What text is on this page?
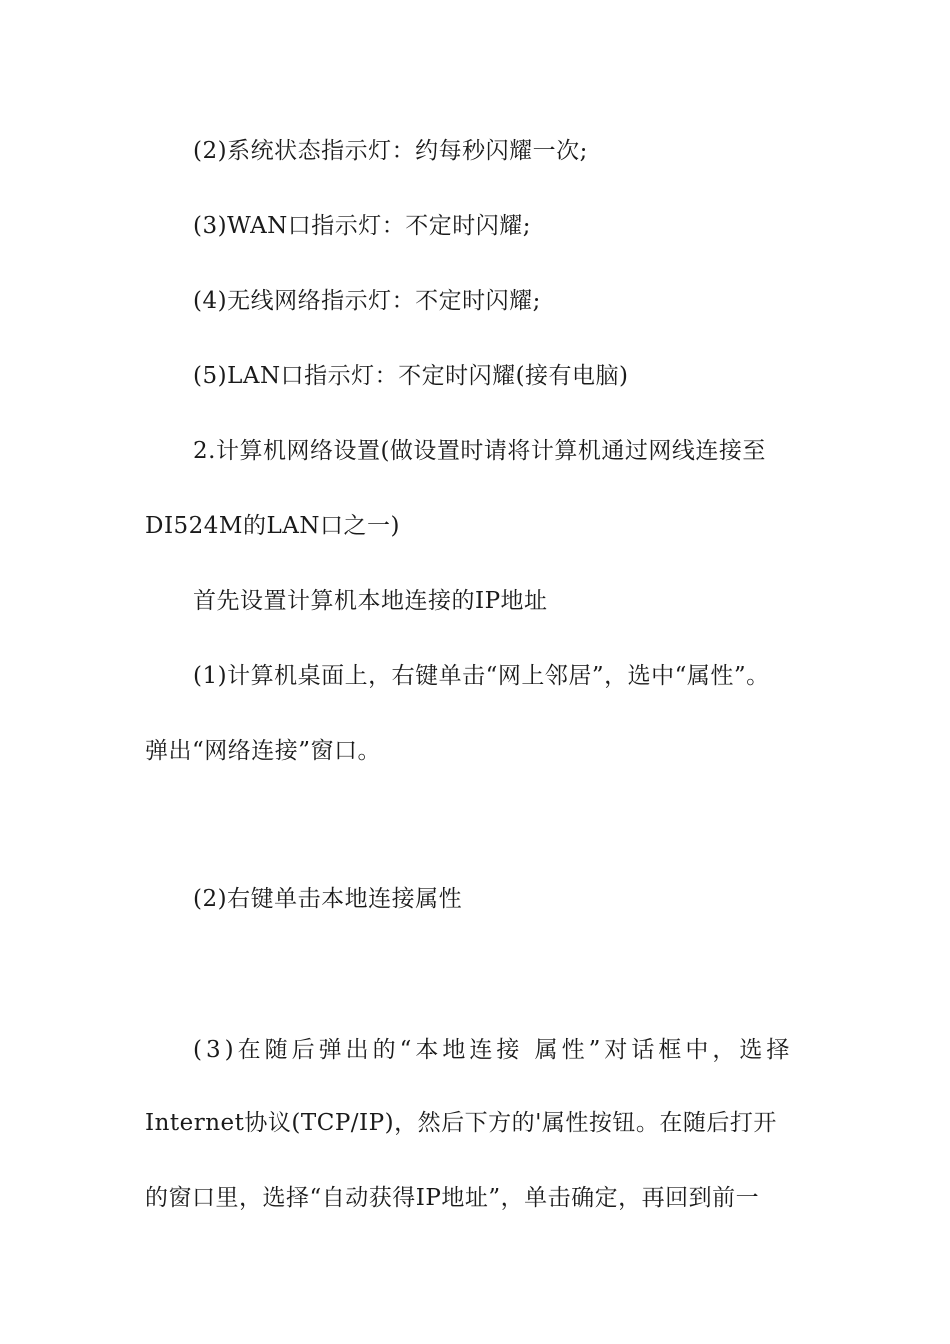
(2)系统状态指示灯：约每秒闪耀一次;
(3)WAN口指示灯：不定时闪耀;
(4)无线网络指示灯：不定时闪耀;
(5)LAN口指示灯：不定时闪耀(接有电脑)
2.计算机网络设置(做设置时请将计算机通过网线连接至
DI524M的LAN口之一)
首先设置计算机本地连接的IP地址
(1)计算机桌面上，右键单击“网上邻居”，选中“属性”。
弹出“网络连接”窗口。
(2)右键单击本地连接属性
(3)在随后弹出的“本地连接 属性”对话框中，选择
Internet协议(TCP/IP)，然后下方的'属性按钮。在随后打开
的窗口里，选择“自动获得IP地址”，单击确定，再回到前一
